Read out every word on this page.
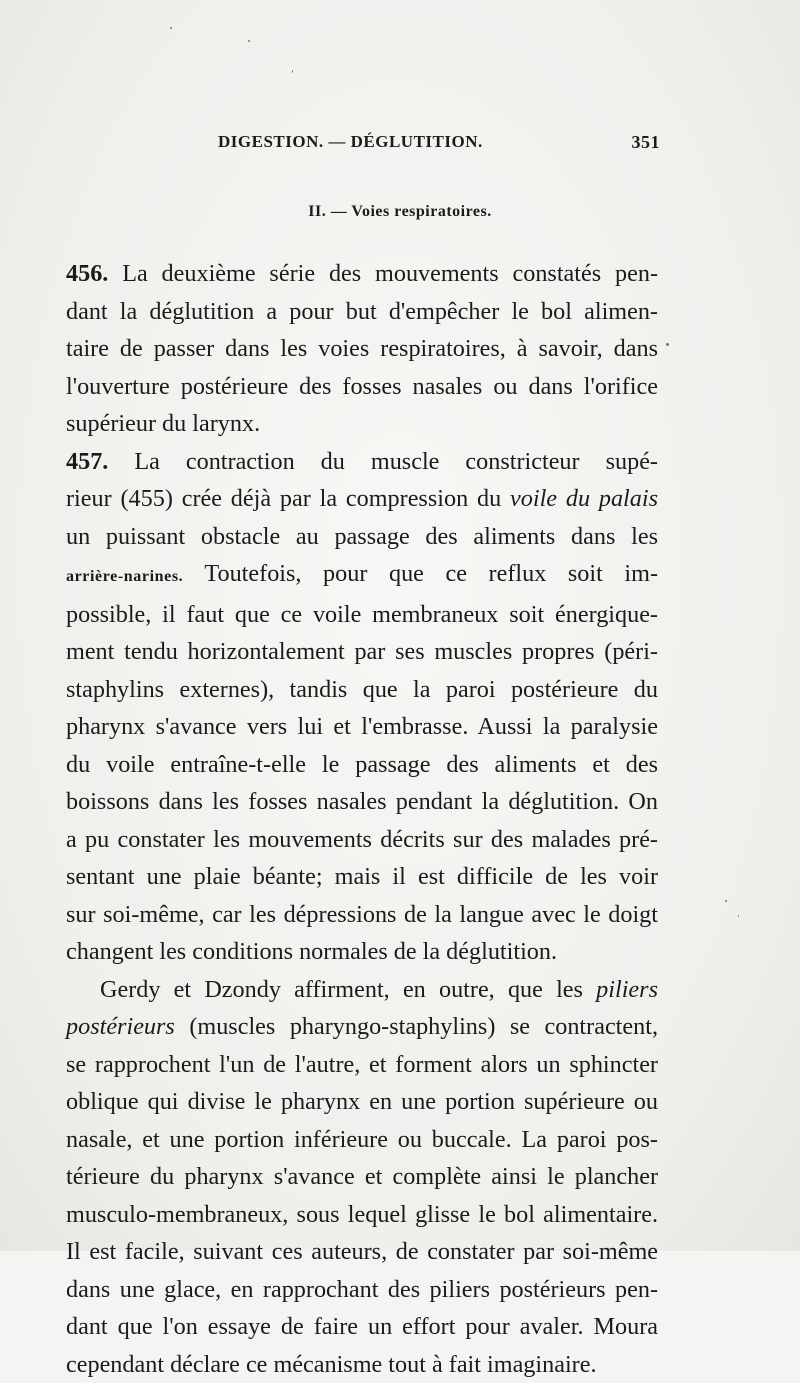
DIGESTION. — DÉGLUTITION.	351
II. — Voies respiratoires.

456. La deuxième série des mouvements constatés pen-
dant la déglutition a pour but d'empêcher le bol alimen-
taire de passer dans les voies respiratoires, à savoir, dans
l'ouverture postérieure des fosses nasales ou dans l'orifice
supérieur du larynx.

457. La contraction du muscle constricteur supé-
rieur (455) crée déjà par la compression du voile du palais
un puissant obstacle au passage des aliments dans les
arrière-narines. Toutefois, pour que ce reflux soit im-
possible, il faut que ce voile membraneux soit énergique-
ment tendu horizontalement par ses muscles propres (péri-
staphylins externes), tandis que la paroi postérieure du
pharynx s'avance vers lui et l'embrasse. Aussi la paralysie
du voile entraîne-t-elle le passage des aliments et des
boissons dans les fosses nasales pendant la déglutition. On
a pu constater les mouvements décrits sur des malades pré-
sentant une plaie béante; mais il est difficile de les voir
sur soi-même, car les dépressions de la langue avec le doigt
changent les conditions normales de la déglutition.

Gerdy et Dzondy affirment, en outre, que les piliers
postérieurs (muscles pharyngo-staphylins) se contractent,
se rapprochent l'un de l'autre, et forment alors un sphincter
oblique qui divise le pharynx en une portion supérieure ou
nasale, et une portion inférieure ou buccale. La paroi pos-
térieure du pharynx s'avance et complète ainsi le plancher
musculo-membraneux, sous lequel glisse le bol alimentaire.
Il est facile, suivant ces auteurs, de constater par soi-même
dans une glace, en rapprochant des piliers postérieurs pen-
dant que l'on essaye de faire un effort pour avaler. Moura
cependant déclare ce mécanisme tout à fait imaginaire.
